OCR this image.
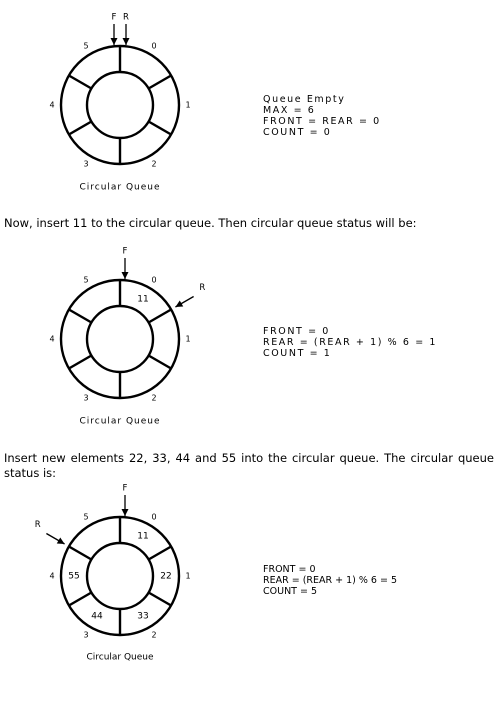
0
1
2
3
4
5
F R
Circular Queue
11
0
1
2
3
4
5
F
R
Circular Queue
11
22
33
44
55
0
1
2
3
4
5
F
R
Circular Queue

Now, insert 11 to the circular queue. Then circular queue status will be:

Insert new elements 22, 33, 44 and 55 into the circular queue. The circular queue status is:

Queue Empty
MAX = 6
FRONT = REAR = 0
COUNT = 0
FRONT = 0
REAR = (REAR + 1) % 6 = 1
COUNT = 1
FRONT = 0
REAR = (REAR + 1) % 6 = 5
COUNT = 5
